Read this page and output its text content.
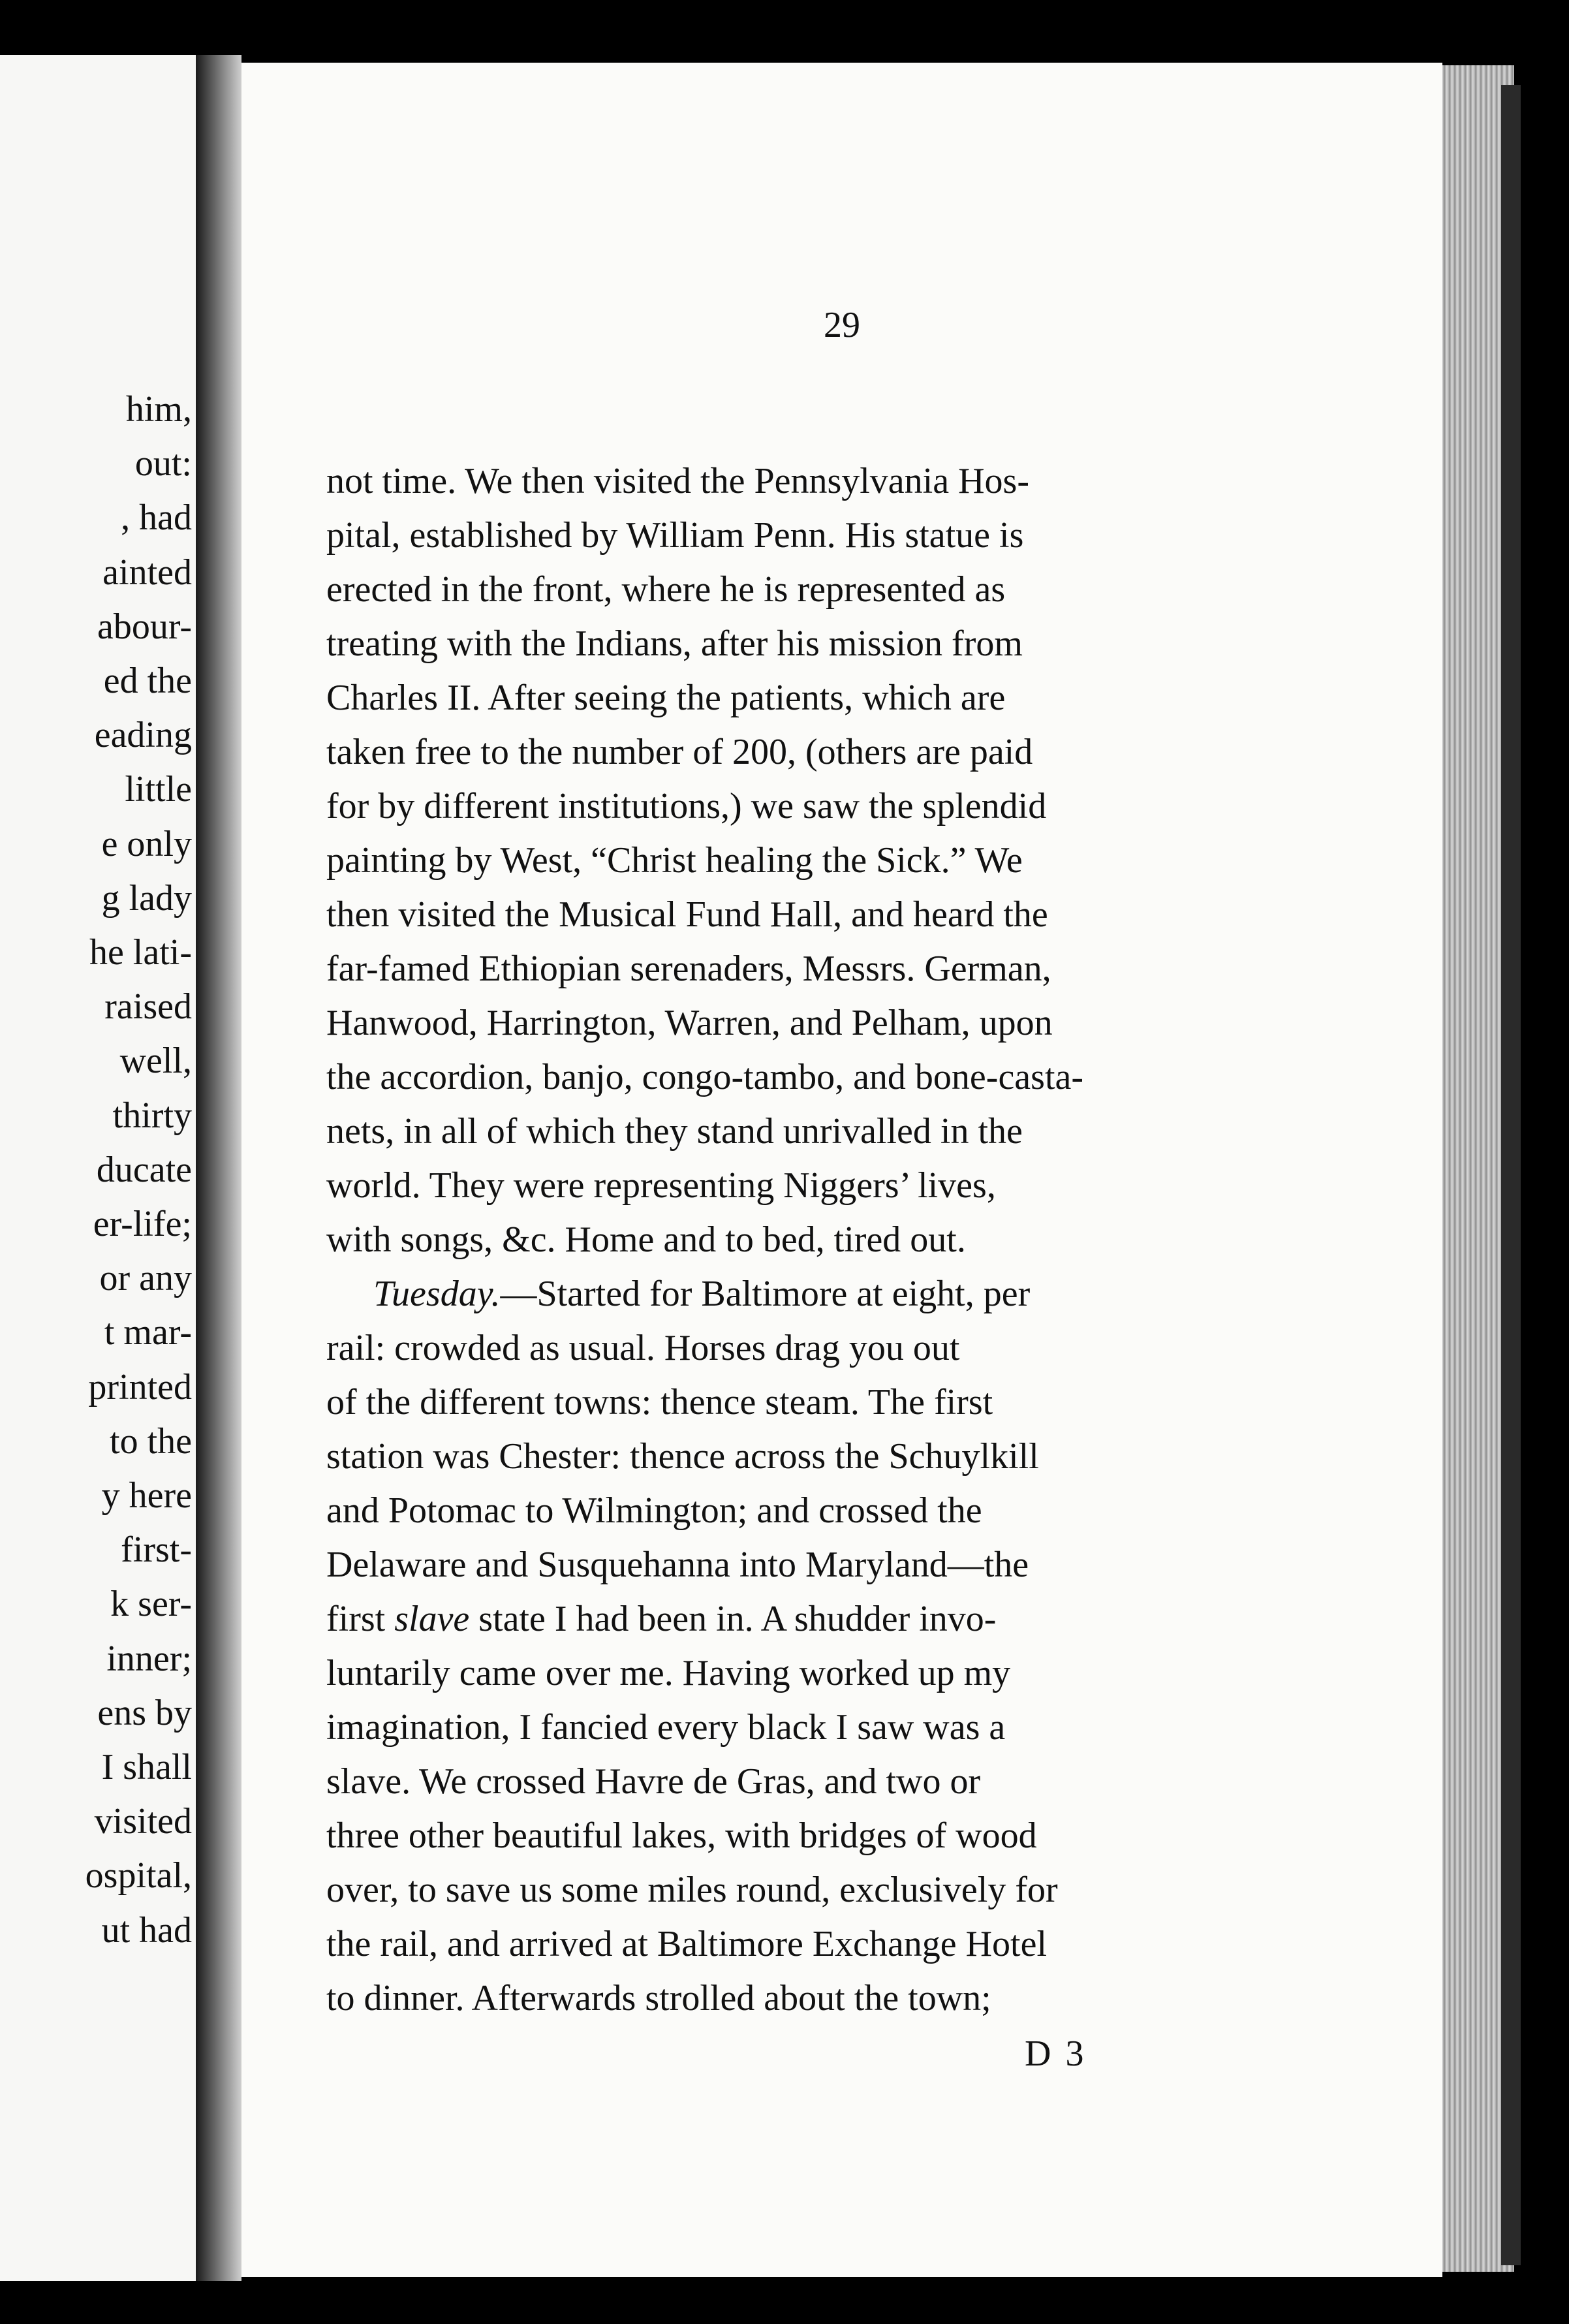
him,
out:
, had
ainted
abour-
ed the
eading
little
e only
g lady
he lati-
raised
well,
thirty
ducate
er-life;
or any
t mar-
printed
to the
y here
first-
k ser-
inner;
ens by
I shall
visited
ospital,
ut had
29
not time. We then visited the Pennsylvania Hos-
pital, established by William Penn. His statue is
erected in the front, where he is represented as
treating with the Indians, after his mission from
Charles II. After seeing the patients, which are
taken free to the number of 200, (others are paid
for by different institutions,) we saw the splendid
painting by West, “Christ healing the Sick.” We
then visited the Musical Fund Hall, and heard the
far-famed Ethiopian serenaders, Messrs. German,
Hanwood, Harrington, Warren, and Pelham, upon
the accordion, banjo, congo-tambo, and bone-casta-
nets, in all of which they stand unrivalled in the
world. They were representing Niggers’ lives,
with songs, &c. Home and to bed, tired out.
Tuesday.—Started for Baltimore at eight, per
rail: crowded as usual. Horses drag you out
of the different towns: thence steam. The first
station was Chester: thence across the Schuylkill
and Potomac to Wilmington; and crossed the
Delaware and Susquehanna into Maryland—the
first slave state I had been in. A shudder invo-
luntarily came over me. Having worked up my
imagination, I fancied every black I saw was a
slave. We crossed Havre de Gras, and two or
three other beautiful lakes, with bridges of wood
over, to save us some miles round, exclusively for
the rail, and arrived at Baltimore Exchange Hotel
to dinner. Afterwards strolled about the town;
D 3
